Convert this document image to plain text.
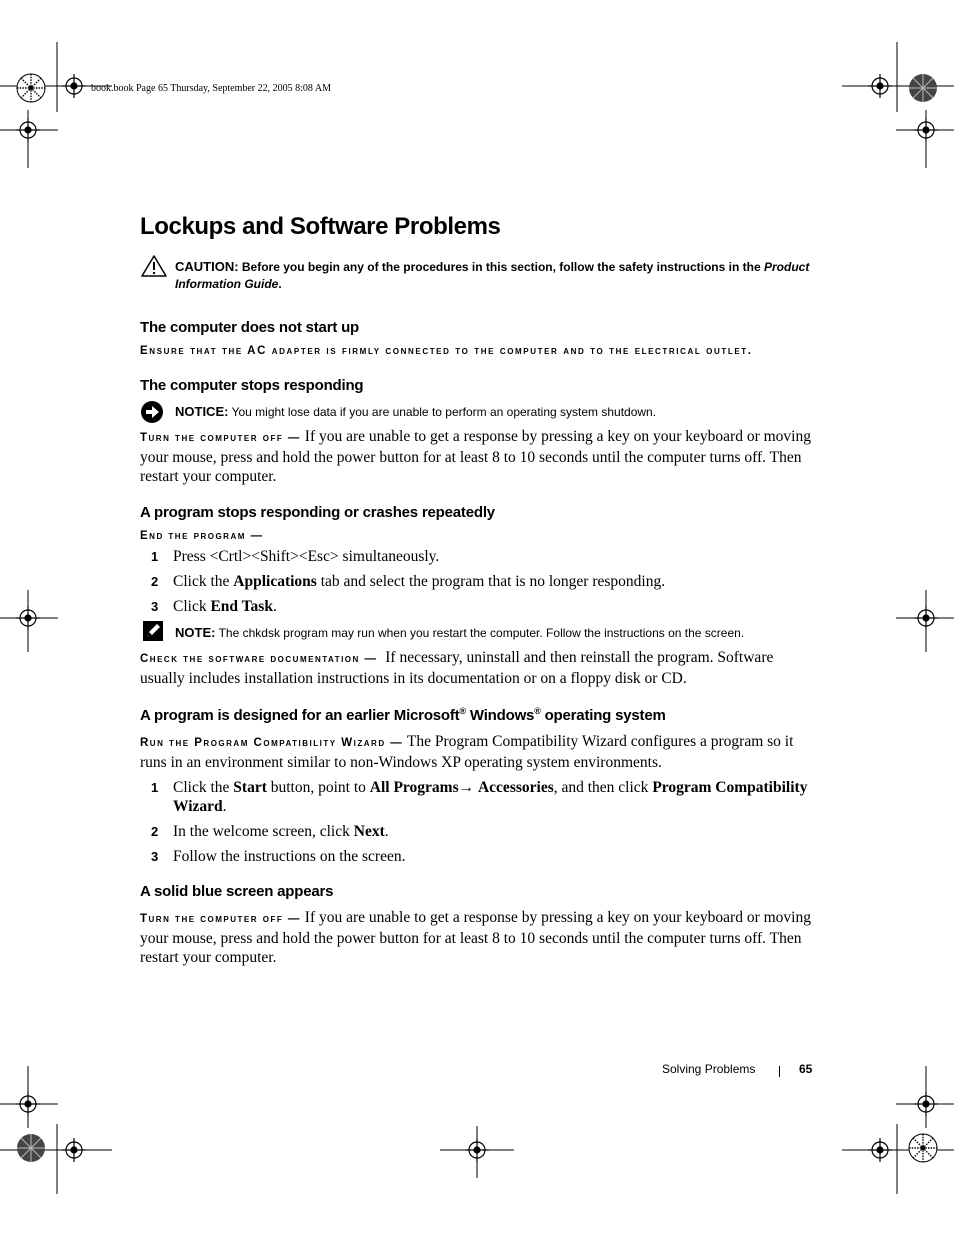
book.book Page 65 Thursday, September 22, 2005 8:08 AM
Lockups and Software Problems
CAUTION: Before you begin any of the procedures in this section, follow the safety instructions in the Product Information Guide.
The computer does not start up
Ensure that the AC adapter is firmly connected to the computer and to the electrical outlet.
The computer stops responding
NOTICE: You might lose data if you are unable to perform an operating system shutdown.
Turn the computer off — If you are unable to get a response by pressing a key on your keyboard or moving your mouse, press and hold the power button for at least 8 to 10 seconds until the computer turns off. Then restart your computer.
A program stops responding or crashes repeatedly
End the program —
1 Press <Crtl><Shift><Esc> simultaneously.
2 Click the Applications tab and select the program that is no longer responding.
3 Click End Task.
NOTE: The chkdsk program may run when you restart the computer. Follow the instructions on the screen.
Check the software documentation — If necessary, uninstall and then reinstall the program. Software usually includes installation instructions in its documentation or on a floppy disk or CD.
A program is designed for an earlier Microsoft® Windows® operating system
Run the Program Compatibility Wizard — The Program Compatibility Wizard configures a program so it runs in an environment similar to non-Windows XP operating system environments.
1 Click the Start button, point to All Programs→ Accessories, and then click Program Compatibility Wizard.
2 In the welcome screen, click Next.
3 Follow the instructions on the screen.
A solid blue screen appears
Turn the computer off — If you are unable to get a response by pressing a key on your keyboard or moving your mouse, press and hold the power button for at least 8 to 10 seconds until the computer turns off. Then restart your computer.
Solving Problems	65
